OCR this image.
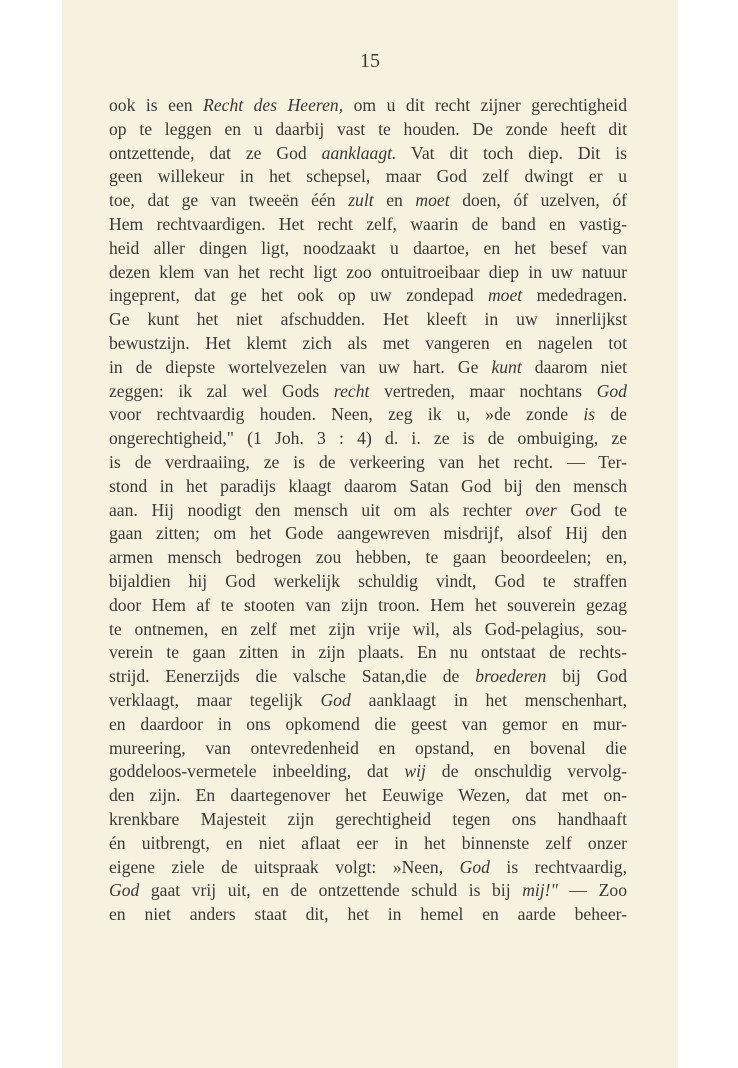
15

ook is een Recht des Heeren, om u dit recht zijner gerechtigheid
op te leggen en u daarbij vast te houden. De zonde heeft dit
ontzettende, dat ze God aanklaagt. Vat dit toch diep. Dit is
geen willekeur in het schepsel, maar God zelf dwingt er u
toe, dat ge van tweeën één zult en moet doen, óf uzelven, óf
Hem rechtvaardigen. Het recht zelf, waarin de band en vastig-
heid aller dingen ligt, noodzaakt u daartoe, en het besef van
dezen klem van het recht ligt zoo ontuitroeibaar diep in uw natuur
ingeprent, dat ge het ook op uw zondepad moet mededragen.
Ge kunt het niet afschudden. Het kleeft in uw innerlijkst
bewustzijn. Het klemt zich als met vangeren en nagelen tot
in de diepste wortelvezelen van uw hart. Ge kunt daarom niet
zeggen: ik zal wel Gods recht vertreden, maar nochtans God
voor rechtvaardig houden. Neen, zeg ik u, »de zonde is de
ongerechtigheid," (1 Joh. 3 : 4) d. i. ze is de ombuiging, ze
is de verdraaiing, ze is de verkeering van het recht. — Ter-
stond in het paradijs klaagt daarom Satan God bij den mensch
aan. Hij noodigt den mensch uit om als rechter over God te
gaan zitten; om het Gode aangewreven misdrijf, alsof Hij den
armen mensch bedrogen zou hebben, te gaan beoordeelen; en,
bijaldien hij God werkelijk schuldig vindt, God te straffen
door Hem af te stooten van zijn troon. Hem het souverein gezag
te ontnemen, en zelf met zijn vrije wil, als God-pelagius, sou-
verein te gaan zitten in zijn plaats. En nu ontstaat de rechts-
strijd. Eenerzijds die valsche Satan,die de broederen bij God
verklaagt, maar tegelijk God aanklaagt in het menschenhart,
en daardoor in ons opkomend die geest van gemor en mur-
mureering, van ontevredenheid en opstand, en bovenal die
goddeloos-vermetele inbeelding, dat wij de onschuldig vervolg-
den zijn. En daartegenover het Eeuwige Wezen, dat met on-
krenkbare Majesteit zijn gerechtigheid tegen ons handhaaft
én uitbrengt, en niet aflaat eer in het binnenste zelf onzer
eigene ziele de uitspraak volgt: »Neen, God is rechtvaardig,
God gaat vrij uit, en de ontzettende schuld is bij mij!" — Zoo
en niet anders staat dit, het in hemel en aarde beheer-
